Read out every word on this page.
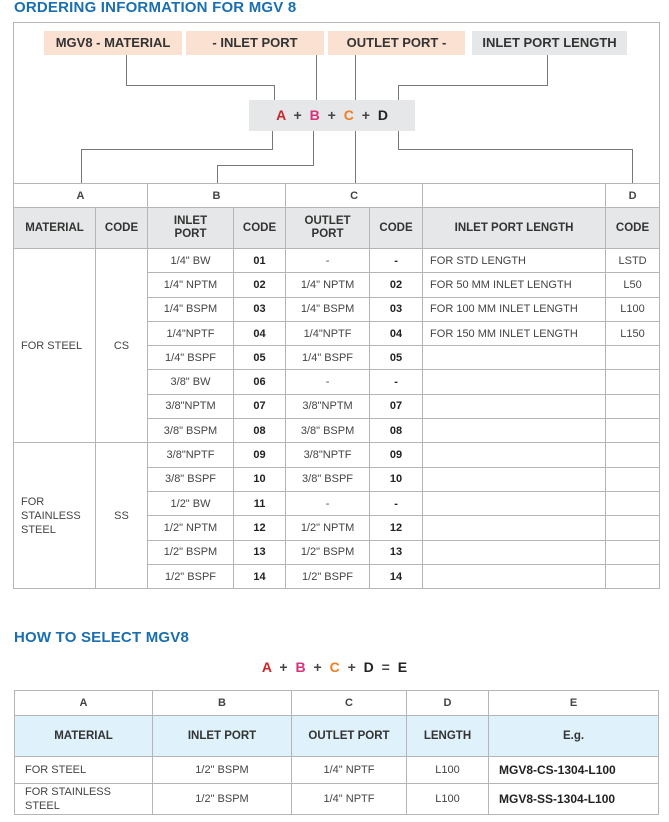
ORDERING INFORMATION FOR MGV 8
MGV8 - MATERIAL	- INLET PORT	OUTLET PORT -	INLET PORT LENGTH
A + B + C + D
A		B		C			D
MATERIAL	CODE	INLET PORT	CODE	OUTLET PORT	CODE	INLET PORT LENGTH	CODE
FOR STEEL	CS	1/4" BW	01	-	-	FOR STD LENGTH	LSTD
		1/4" NPTM	02	1/4" NPTM	02	FOR 50 MM INLET LENGTH	L50
		1/4" BSPM	03	1/4" BSPM	03	FOR 100 MM INLET LENGTH	L100
		1/4"NPTF	04	1/4"NPTF	04	FOR 150 MM INLET LENGTH	L150
		1/4" BSPF	05	1/4" BSPF	05		
		3/8" BW	06	-	-		
		3/8"NPTM	07	3/8"NPTM	07		
		3/8" BSPM	08	3/8" BSPM	08		
FOR STAINLESS STEEL	SS	3/8"NPTF	09	3/8"NPTF	09		
		3/8" BSPF	10	3/8" BSPF	10		
		1/2" BW	11	-	-		
		1/2" NPTM	12	1/2" NPTM	12		
		1/2" BSPM	13	1/2" BSPM	13		
		1/2" BSPF	14	1/2" BSPF	14		
HOW TO SELECT MGV8
A + B + C + D = E
A	B	C	D	E
MATERIAL	INLET PORT	OUTLET PORT	LENGTH	E.g.
FOR STEEL	1/2" BSPM	1/4" NPTF	L100	MGV8-CS-1304-L100
FOR STAINLESS STEEL	1/2" BSPM	1/4" NPTF	L100	MGV8-SS-1304-L100
